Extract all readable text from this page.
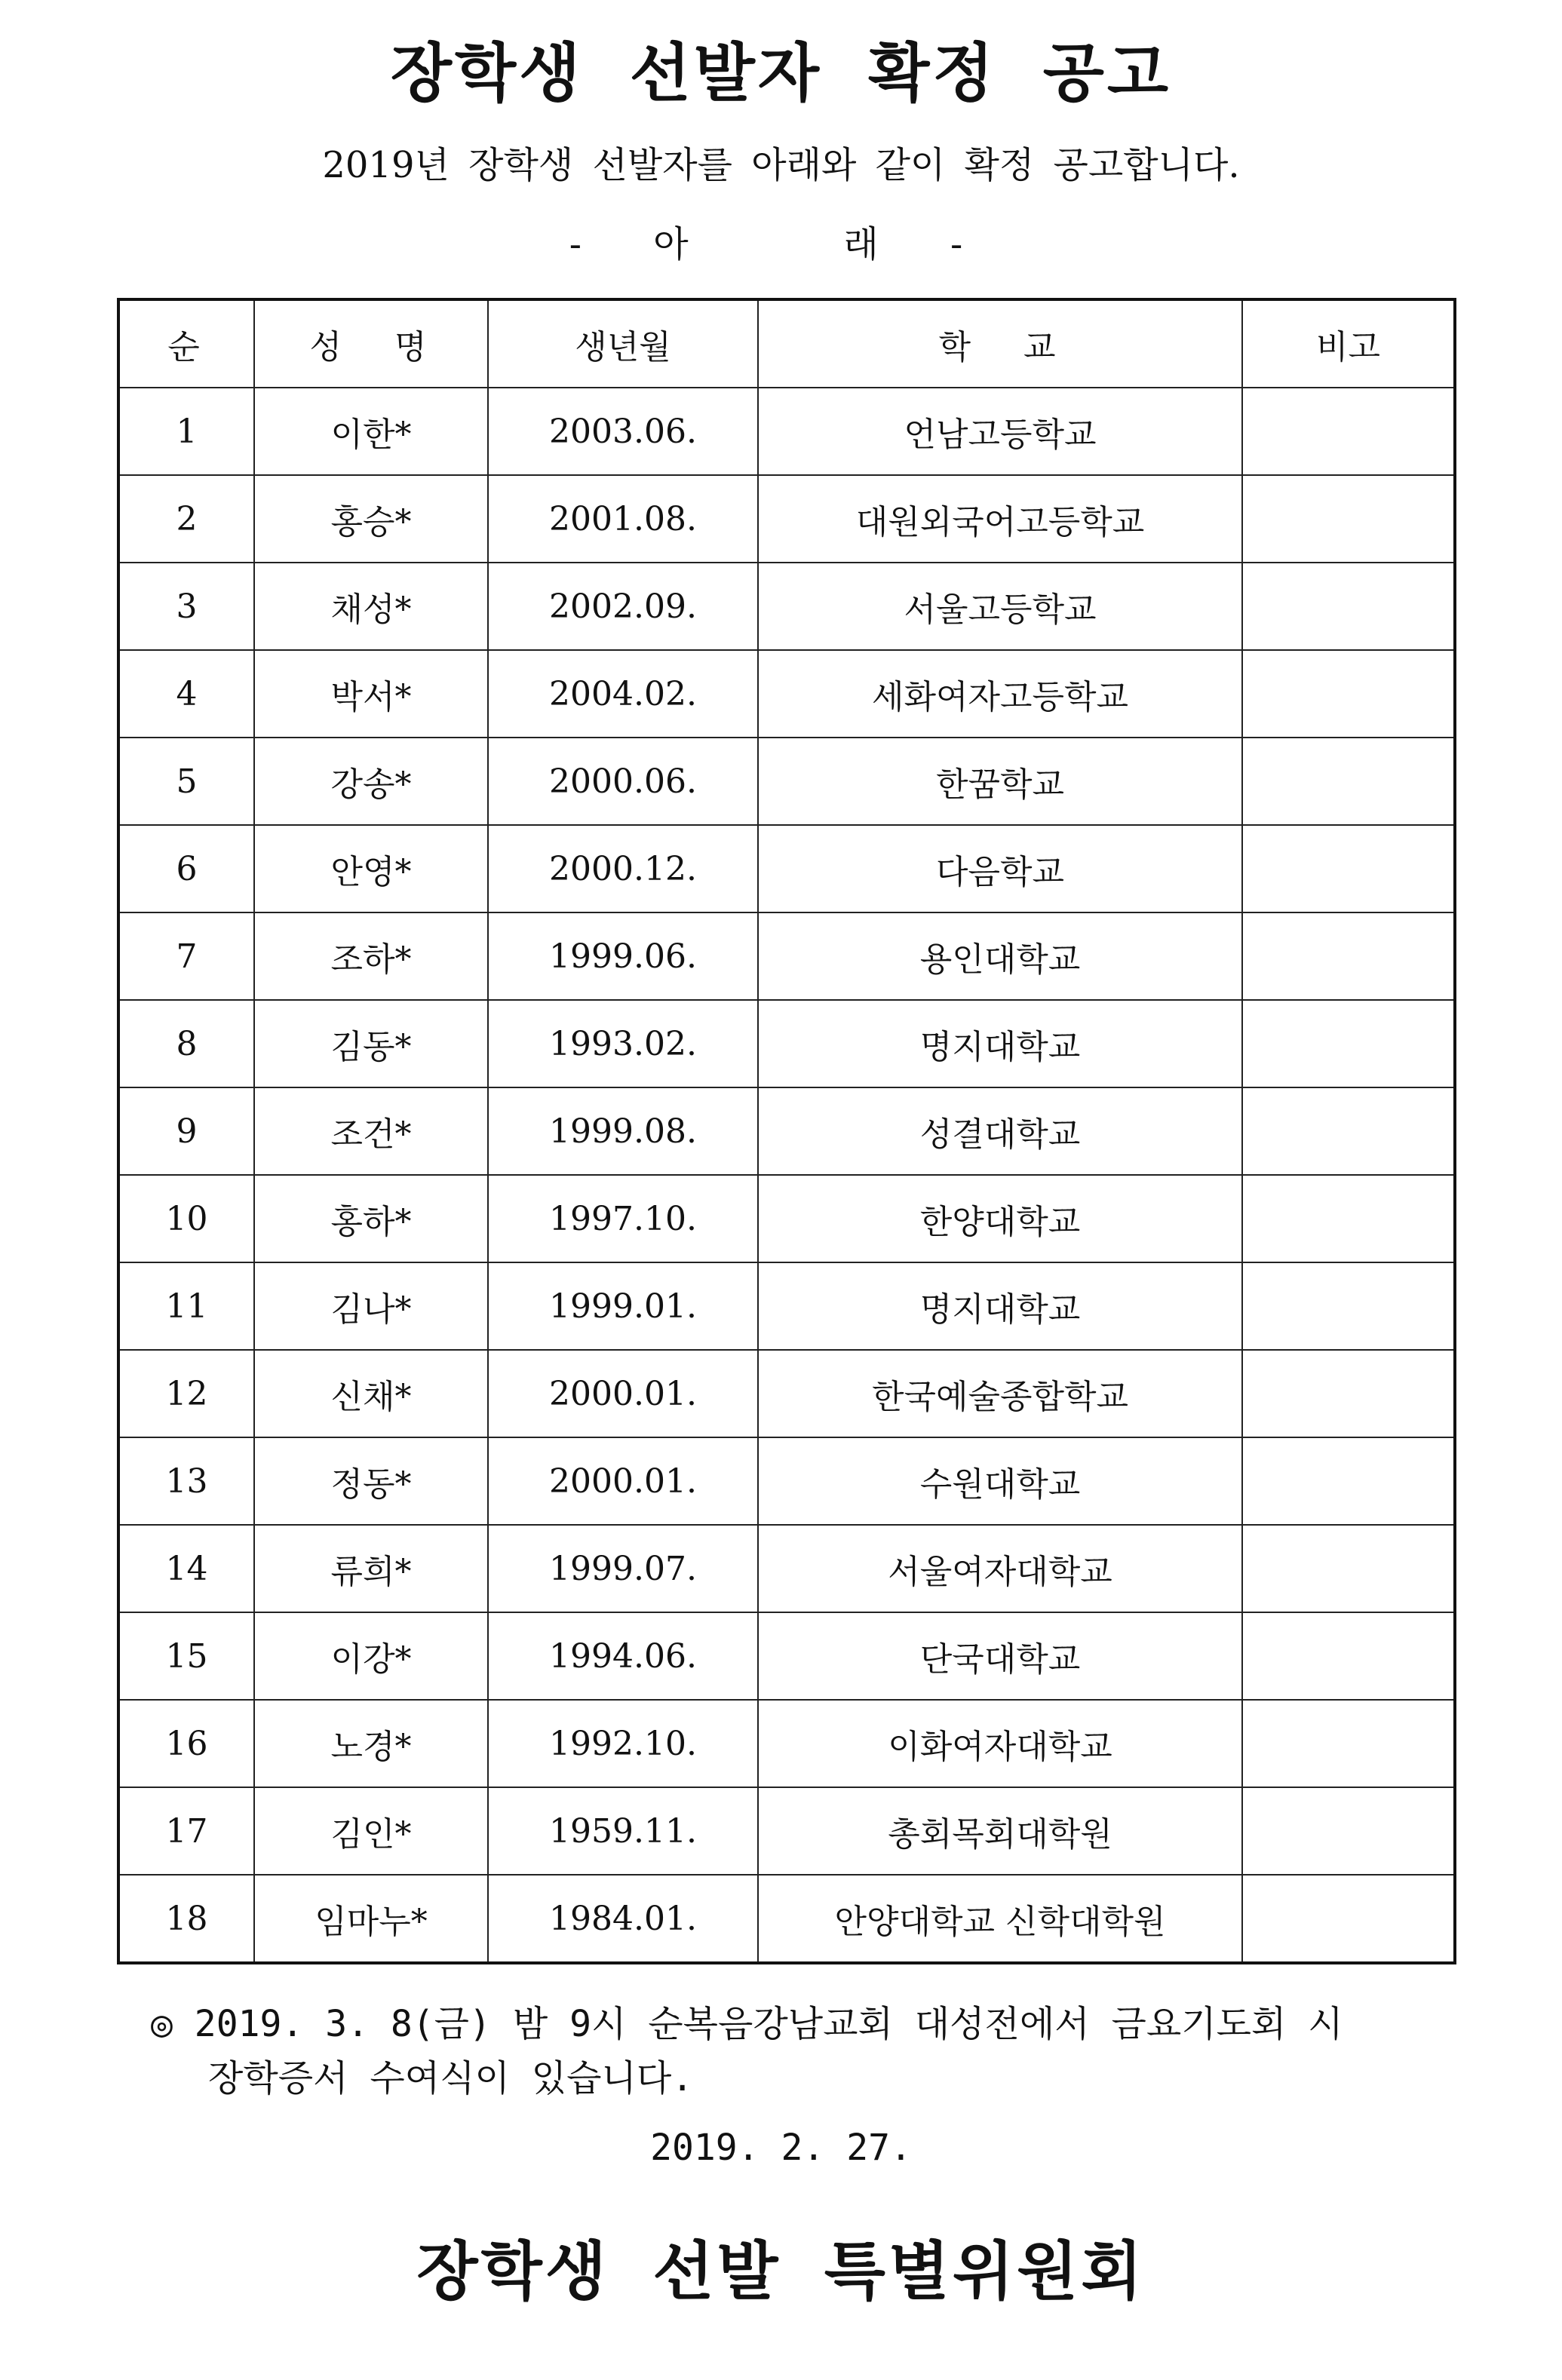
장학생 선발자 확정 공고

2019년 장학생 선발자를 아래와 같이 확정 공고합니다.

- 아   래 -

순	성 명	생년월	학 교	비고
1	이한*	2003.06.	언남고등학교	
2	홍승*	2001.08.	대원외국어고등학교	
3	채성*	2002.09.	서울고등학교	
4	박서*	2004.02.	세화여자고등학교	
5	강송*	2000.06.	한꿈학교	
6	안영*	2000.12.	다음학교	
7	조하*	1999.06.	용인대학교	
8	김동*	1993.02.	명지대학교	
9	조건*	1999.08.	성결대학교	
10	홍하*	1997.10.	한양대학교	
11	김나*	1999.01.	명지대학교	
12	신채*	2000.01.	한국예술종합학교	
13	정동*	2000.01.	수원대학교	
14	류희*	1999.07.	서울여자대학교	
15	이강*	1994.06.	단국대학교	
16	노경*	1992.10.	이화여자대학교	
17	김인*	1959.11.	총회목회대학원	
18	임마누*	1984.01.	안양대학교 신학대학원	
◎ 2019. 3. 8(금) 밤 9시 순복음강남교회 대성전에서 금요기도회 시
장학증서 수여식이 있습니다.
2019. 2. 27.
장학생 선발 특별위원회
